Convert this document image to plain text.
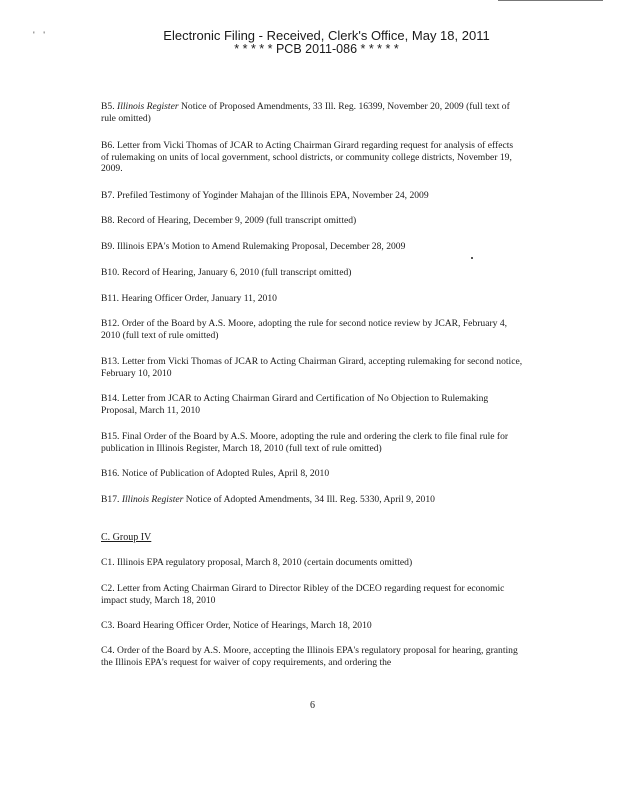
' '	Electronic Filing - Received, Clerk's Office, May 18, 2011
* * * * * PCB 2011-086 * * * * *
B5. Illinois Register Notice of Proposed Amendments, 33 Ill. Reg. 16399, November 20, 2009 (full text of rule omitted)
B6. Letter from Vicki Thomas of JCAR to Acting Chairman Girard regarding request for analysis of effects of rulemaking on units of local government, school districts, or community college districts, November 19, 2009.
B7. Prefiled Testimony of Yoginder Mahajan of the Illinois EPA, November 24, 2009
B8. Record of Hearing, December 9, 2009 (full transcript omitted)
B9. Illinois EPA's Motion to Amend Rulemaking Proposal, December 28, 2009
B10. Record of Hearing, January 6, 2010 (full transcript omitted)
B11. Hearing Officer Order, January 11, 2010
B12. Order of the Board by A.S. Moore, adopting the rule for second notice review by JCAR, February 4, 2010 (full text of rule omitted)
B13. Letter from Vicki Thomas of JCAR to Acting Chairman Girard, accepting rulemaking for second notice, February 10, 2010
B14. Letter from JCAR to Acting Chairman Girard and Certification of No Objection to Rulemaking Proposal, March 11, 2010
B15. Final Order of the Board by A.S. Moore, adopting the rule and ordering the clerk to file final rule for publication in Illinois Register, March 18, 2010 (full text of rule omitted)
B16. Notice of Publication of Adopted Rules, April 8, 2010
B17. Illinois Register Notice of Adopted Amendments, 34 Ill. Reg. 5330, April 9, 2010
C. Group IV
C1. Illinois EPA regulatory proposal, March 8, 2010 (certain documents omitted)
C2. Letter from Acting Chairman Girard to Director Ribley of the DCEO regarding request for economic impact study, March 18, 2010
C3. Board Hearing Officer Order, Notice of Hearings, March 18, 2010
C4. Order of the Board by A.S. Moore, accepting the Illinois EPA's regulatory proposal for hearing, granting the Illinois EPA's request for waiver of copy requirements, and ordering the
6
